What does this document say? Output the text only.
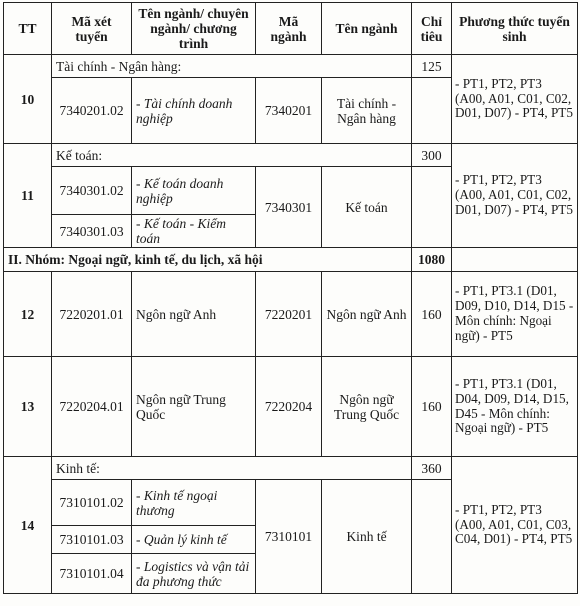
TT	Mã xét tuyển	Tên ngành/ chuyên ngành/ chương trình	Mã ngành	Tên ngành	Chỉ tiêu	Phương thức tuyển sinh
10	Tài chính - Ngân hàng:				125	- PT1, PT2, PT3 (A00, A01, C01, C02, D01, D07) - PT4, PT5
	7340201.02	- Tài chính doanh nghiệp	7340201	Tài chính - Ngân hàng		
11	Kế toán:				300	- PT1, PT2, PT3 (A00, A01, C01, C02, D01, D07) - PT4, PT5
	7340301.02	- Kế toán doanh nghiệp	7340301	Kế toán		
	7340301.03	- Kế toán - Kiểm toán				
II. Nhóm: Ngoại ngữ, kinh tế, du lịch, xã hội					1080	
12	7220201.01	Ngôn ngữ Anh	7220201	Ngôn ngữ Anh	160	- PT1, PT3.1 (D01, D09, D10, D14, D15 - Môn chính: Ngoại ngữ) - PT5
13	7220204.01	Ngôn ngữ Trung Quốc	7220204	Ngôn ngữ Trung Quốc	160	- PT1, PT3.1 (D01, D04, D09, D14, D15, D45 - Môn chính: Ngoại ngữ) - PT5
14	Kinh tế:				360	- PT1, PT2, PT3 (A00, A01, C01, C03, C04, D01) - PT4, PT5
	7310101.02	- Kinh tế ngoại thương	7310101	Kinh tế		
	7310101.03	- Quản lý kinh tế				
	7310101.04	- Logistics và vận tải đa phương thức				
